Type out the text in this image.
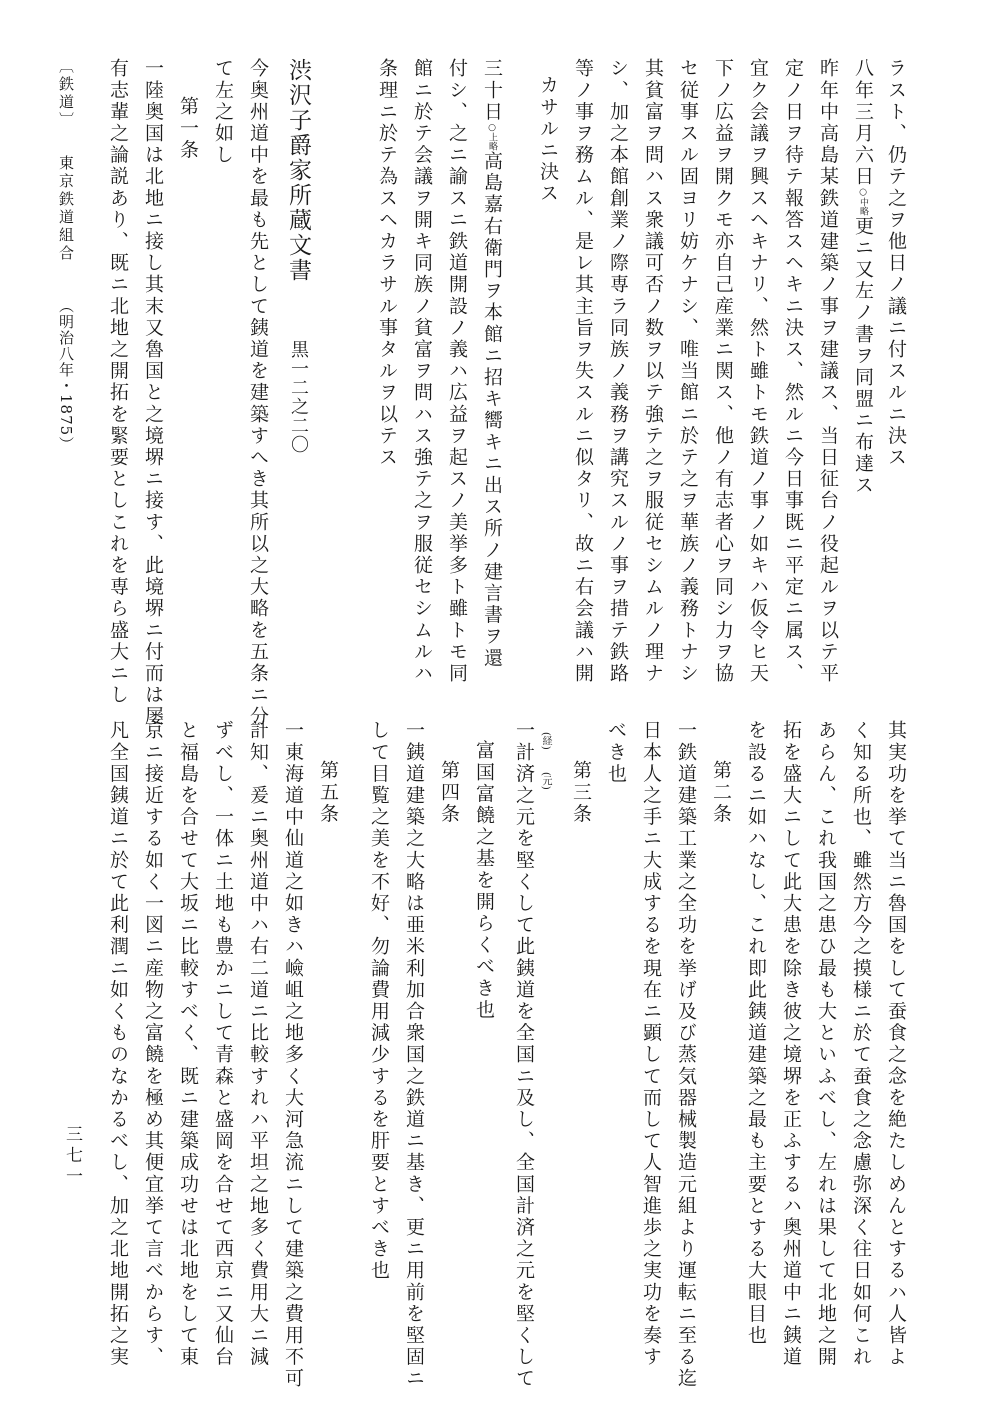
ラスト、仍テ之ヲ他日ノ議ニ付スルニ決ス
八年三月六日○中略更ニ又左ノ書ヲ同盟ニ布達ス
昨年中高島某鉄道建築ノ事ヲ建議ス、当日征台ノ役起ルヲ以テ平
定ノ日ヲ待テ報答スヘキニ決ス、然ルニ今日事既ニ平定ニ属ス、
宜ク会議ヲ興スヘキナリ、然ト雖トモ鉄道ノ事ノ如キハ仮令ヒ天
下ノ広益ヲ開クモ亦自己産業ニ関ス、他ノ有志者心ヲ同シ力ヲ協
セ従事スル固ヨリ妨ケナシ、唯当館ニ於テ之ヲ華族ノ義務トナシ
其貧富ヲ問ハス衆議可否ノ数ヲ以テ強テ之ヲ服従セシムルノ理ナ
シ、加之本館創業ノ際専ラ同族ノ義務ヲ講究スルノ事ヲ措テ鉄路
等ノ事ヲ務ムル、是レ其主旨ヲ失スルニ似タリ、故ニ右会議ハ開
カサルニ決ス
三十日○上略高島嘉右衛門ヲ本館ニ招キ嚮キニ出ス所ノ建言書ヲ還
付シ、之ニ諭スニ鉄道開設ノ義ハ広益ヲ起スノ美挙多ト雖トモ同
館ニ於テ会議ヲ開キ同族ノ貧富ヲ問ハス強テ之ヲ服従セシムルハ
条理ニ於テ為スヘカラサル事タルヲ以テス
渋沢子爵家所蔵文書
黒一二之二〇
今奥州道中を最も先として銕道を建築すへき其所以之大略を五条ニ分
て左之如し
第一条
一陸奥国は北地ニ接し其末又魯国と之境堺ニ接す、此境堺ニ付而は屡
有志輩之論説あり、既ニ北地之開拓を緊要としこれを専ら盛大ニし
〔鉄道〕
東京鉄道組合
（明治八年・1875）
其実功を挙て当ニ魯国をして蚕食之念を絶たしめんとするハ人皆よ
く知る所也、雖然方今之摸様ニ於て蚕食之念慮弥深く往日如何これ
あらん、これ我国之患ひ最も大といふべし、左れは果して北地之開
拓を盛大ニして此大患を除き彼之境堺を正ふするハ奥州道中ニ銕道
を設るニ如ハなし、これ即此銕道建築之最も主要とする大眼目也
第二条
一鉄道建築工業之全功を挙げ及び蒸気器械製造元組より運転ニ至る迄
日本人之手ニ大成するを現在ニ顕して而して人智進歩之実功を奏す
べき也
第三条
(経)
(元)
一計済之元を堅くして此銕道を全国ニ及し、全国計済之元を堅くして
富国富饒之基を開らくべき也
第四条
一銕道建築之大略は亜米利加合衆国之鉄道ニ基き、更ニ用前を堅固ニ
して目覧之美を不好、勿論費用減少するを肝要とすべき也
第五条
一東海道中仙道之如きハ嶮岨之地多く大河急流ニして建築之費用不可
計知、爰ニ奥州道中ハ右二道ニ比較すれハ平坦之地多く費用大ニ減
ずべし、一体ニ土地も豊かニして青森と盛岡を合せて西京ニ又仙台
と福島を合せて大坂ニ比較すべく、既ニ建築成功せは北地をして東
京ニ接近する如く一図ニ産物之富饒を極め其便宜挙て言べからす、
凡全国銕道ニ於て此利潤ニ如くものなかるべし、加之北地開拓之実
三七一
